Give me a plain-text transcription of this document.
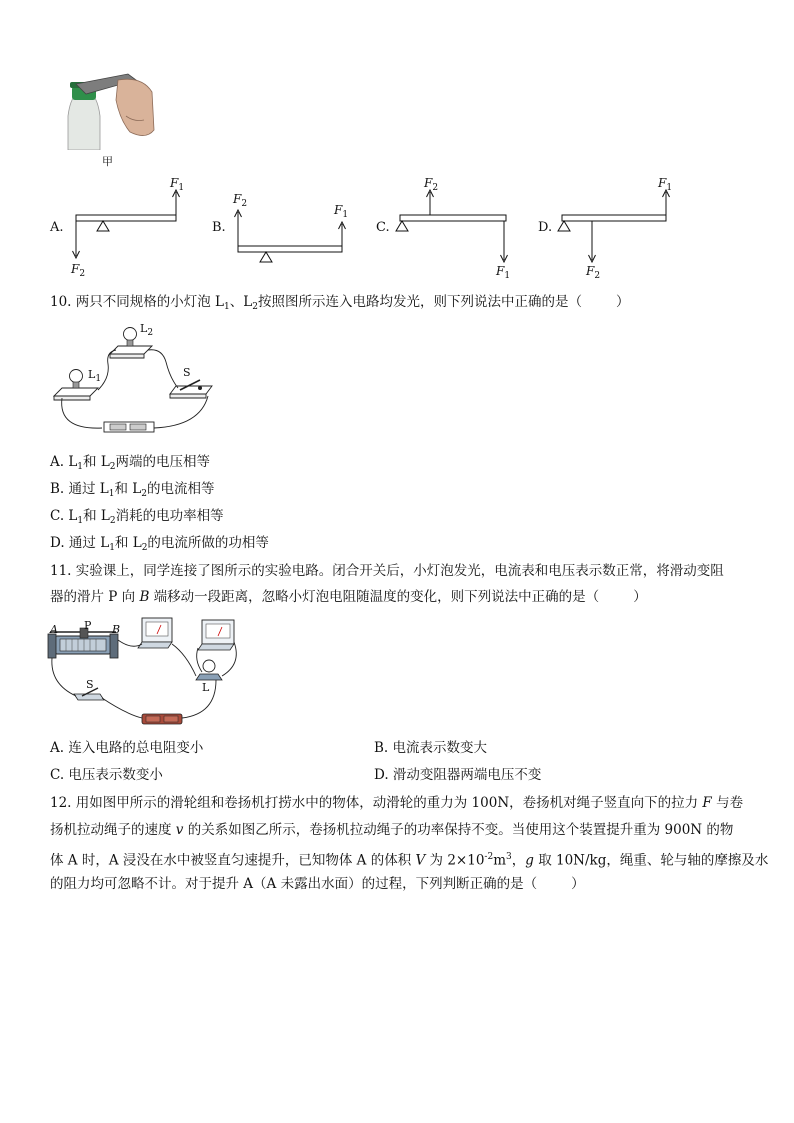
甲
A.	B.	C.	D.
$F_1$
$F_2$
$F_2$	$F_1$
$F_2$
$F_1$
$F_1$
$F_2$
10. 两只不同规格的小灯泡 $L_1$、$L_2$按照图所示连入电路均发光，则下列说法中正确的是（	）
$L_2$
$L_1$	S
A. $L_1$和 $L_2$两端的电压相等
B. 通过 $L_1$和 $L_2$的电流相等
C. $L_1$和 $L_2$消耗的电功率相等
D. 通过 $L_1$和 $L_2$的电流所做的功相等
11. 实验课上，同学连接了图所示的实验电路。闭合开关后，小灯泡发光，电流表和电压表示数正常，将滑动变阻
器的滑片 P 向 B 端移动一段距离，忽略小灯泡电阻随温度的变化，则下列说法中正确的是（	）
A P B
L
S
A. 连入电路的总电阻变小	B. 电流表示数变大
C. 电压表示数变小	D. 滑动变阻器两端电压不变
12. 用如图甲所示的滑轮组和卷扬机打捞水中的物体，动滑轮的重力为 100N，卷扬机对绳子竖直向下的拉力 F 与卷
扬机拉动绳子的速度 v 的关系如图乙所示，卷扬机拉动绳子的功率保持不变。当使用这个装置提升重为 900N 的物
体 A 时，A 浸没在水中被竖直匀速提升，已知物体 A 的体积 V 为 $2\times 10^{-2}m^3$，g 取 10N/kg，绳重、轮与轴的摩擦及水
的阻力均可忽略不计。对于提升 A（A 未露出水面）的过程，下列判断正确的是（	）
